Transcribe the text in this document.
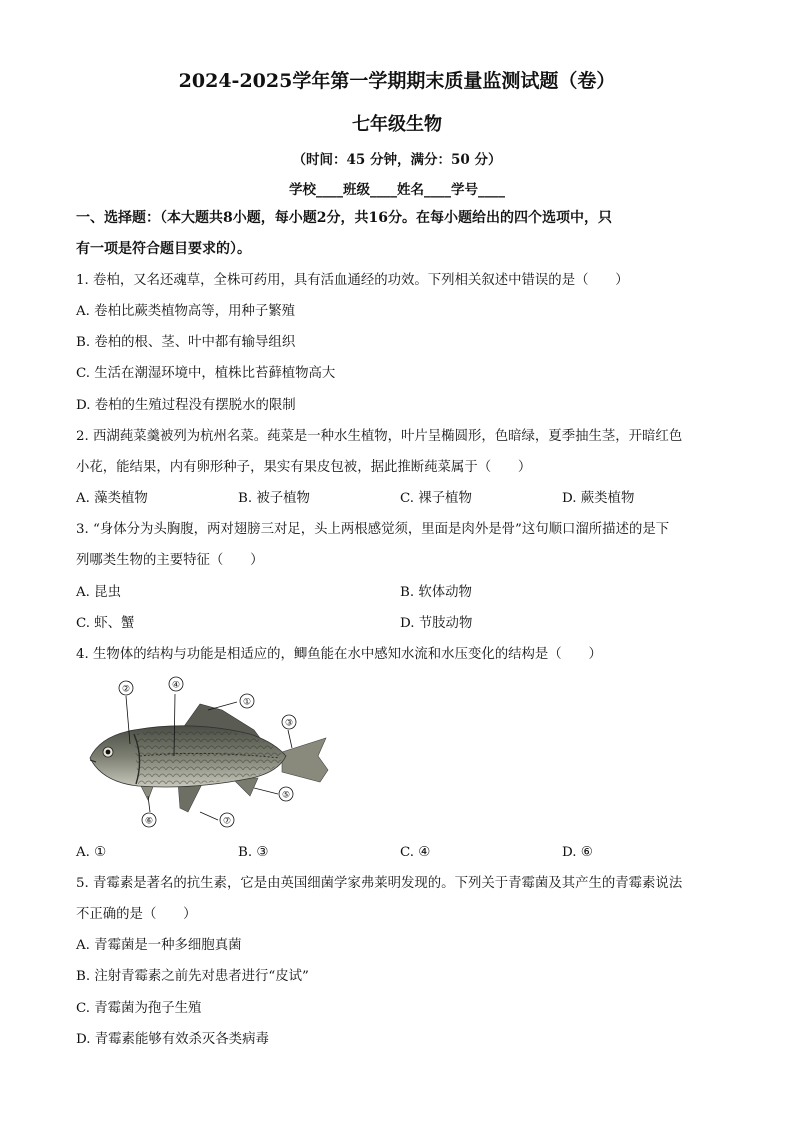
2024-2025学年第一学期期末质量监测试题（卷）
七年级生物
（时间：45 分钟，满分：50 分）
学校____班级____姓名____学号____
一、选择题：（本大题共8小题，每小题2分，共16分。在每小题给出的四个选项中，只
有一项是符合题目要求的）。
1. 卷柏，又名还魂草，全株可药用，具有活血通经的功效。下列相关叙述中错误的是（　　）
A. 卷柏比蕨类植物高等，用种子繁殖
B. 卷柏的根、茎、叶中都有输导组织
C. 生活在潮湿环境中，植株比苔藓植物高大
D. 卷柏的生殖过程没有摆脱水的限制
2. 西湖莼菜羹被列为杭州名菜。莼菜是一种水生植物，叶片呈椭圆形，色暗绿，夏季抽生茎，开暗红色
小花，能结果，内有卵形种子，果实有果皮包被，据此推断莼菜属于（　　）
A. 藻类植物	B. 被子植物	C. 裸子植物	D. 蕨类植物
3. “身体分为头胸腹，两对翅膀三对足，头上两根感觉须，里面是肉外是骨”这句顺口溜所描述的是下
列哪类生物的主要特征（　　）
A. 昆虫	B. 软体动物
C. 虾、蟹	D. 节肢动物
4. 生物体的结构与功能是相适应的，鲫鱼能在水中感知水流和水压变化的结构是（　　）
①
②
③
④
⑤
⑥	⑦
A. ①	B. ③	C. ④	D. ⑥
5. 青霉素是著名的抗生素，它是由英国细菌学家弗莱明发现的。下列关于青霉菌及其产生的青霉素说法
不正确的是（　　）
A. 青霉菌是一种多细胞真菌
B. 注射青霉素之前先对患者进行“皮试”
C. 青霉菌为孢子生殖
D. 青霉素能够有效杀灭各类病毒
